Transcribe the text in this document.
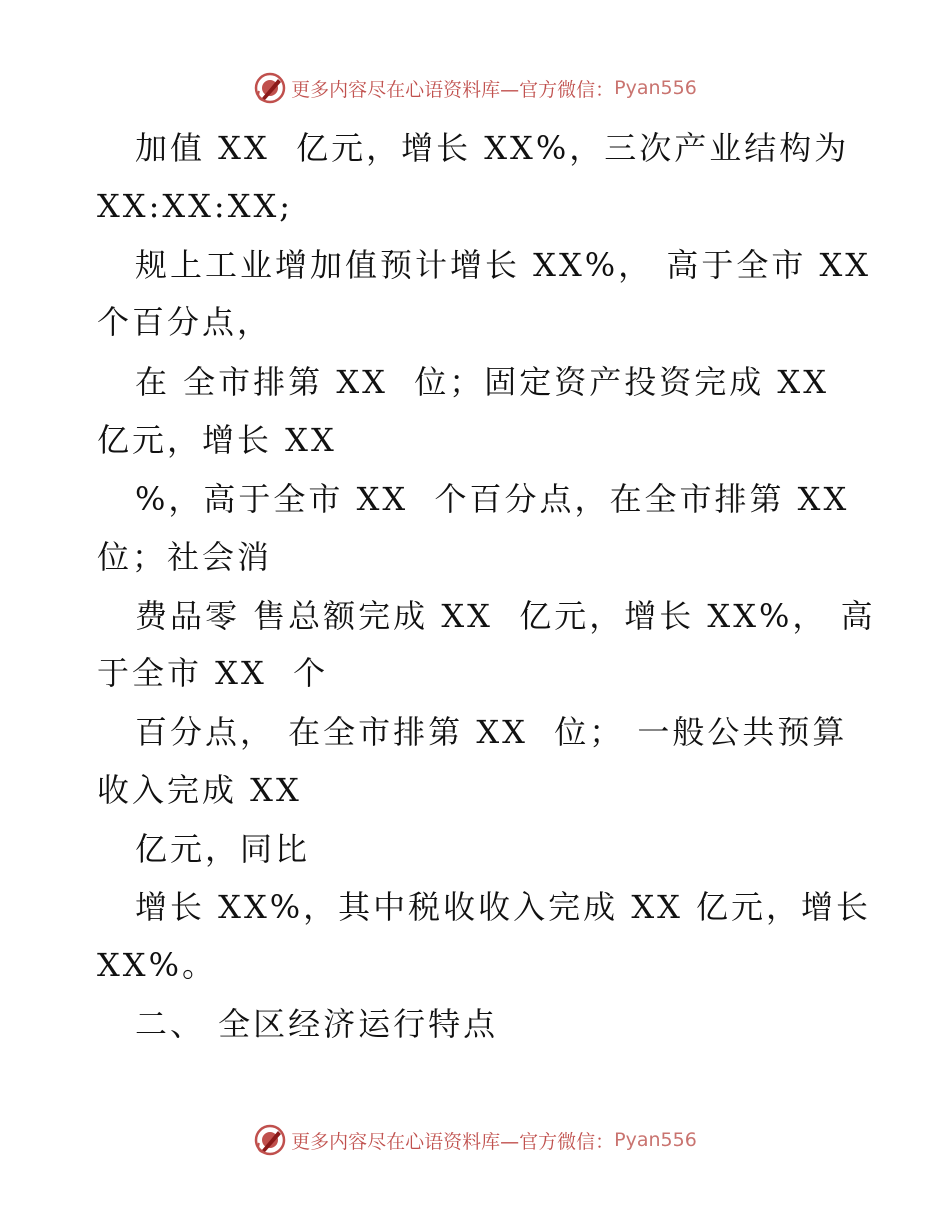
更多内容尽在心语资料库—官方微信： Pyan556
加值 XX  亿元，增长 XX%，三次产业结构为
XX:XX:XX;
规上工业增加值预计增长 XX%， 高于全市 XX
个百分点，
在 全市排第 XX  位；固定资产投资完成 XX
亿元，增长 XX
%，高于全市 XX  个百分点，在全市排第 XX
位；社会消
费品零 售总额完成 XX  亿元，增长 XX%， 高
于全市 XX  个
百分点， 在全市排第 XX  位； 一般公共预算
收入完成 XX
亿元，同比
增长 XX%，其中税收收入完成 XX 亿元，增长
XX%。
二、 全区经济运行特点
更多内容尽在心语资料库—官方微信： Pyan556
